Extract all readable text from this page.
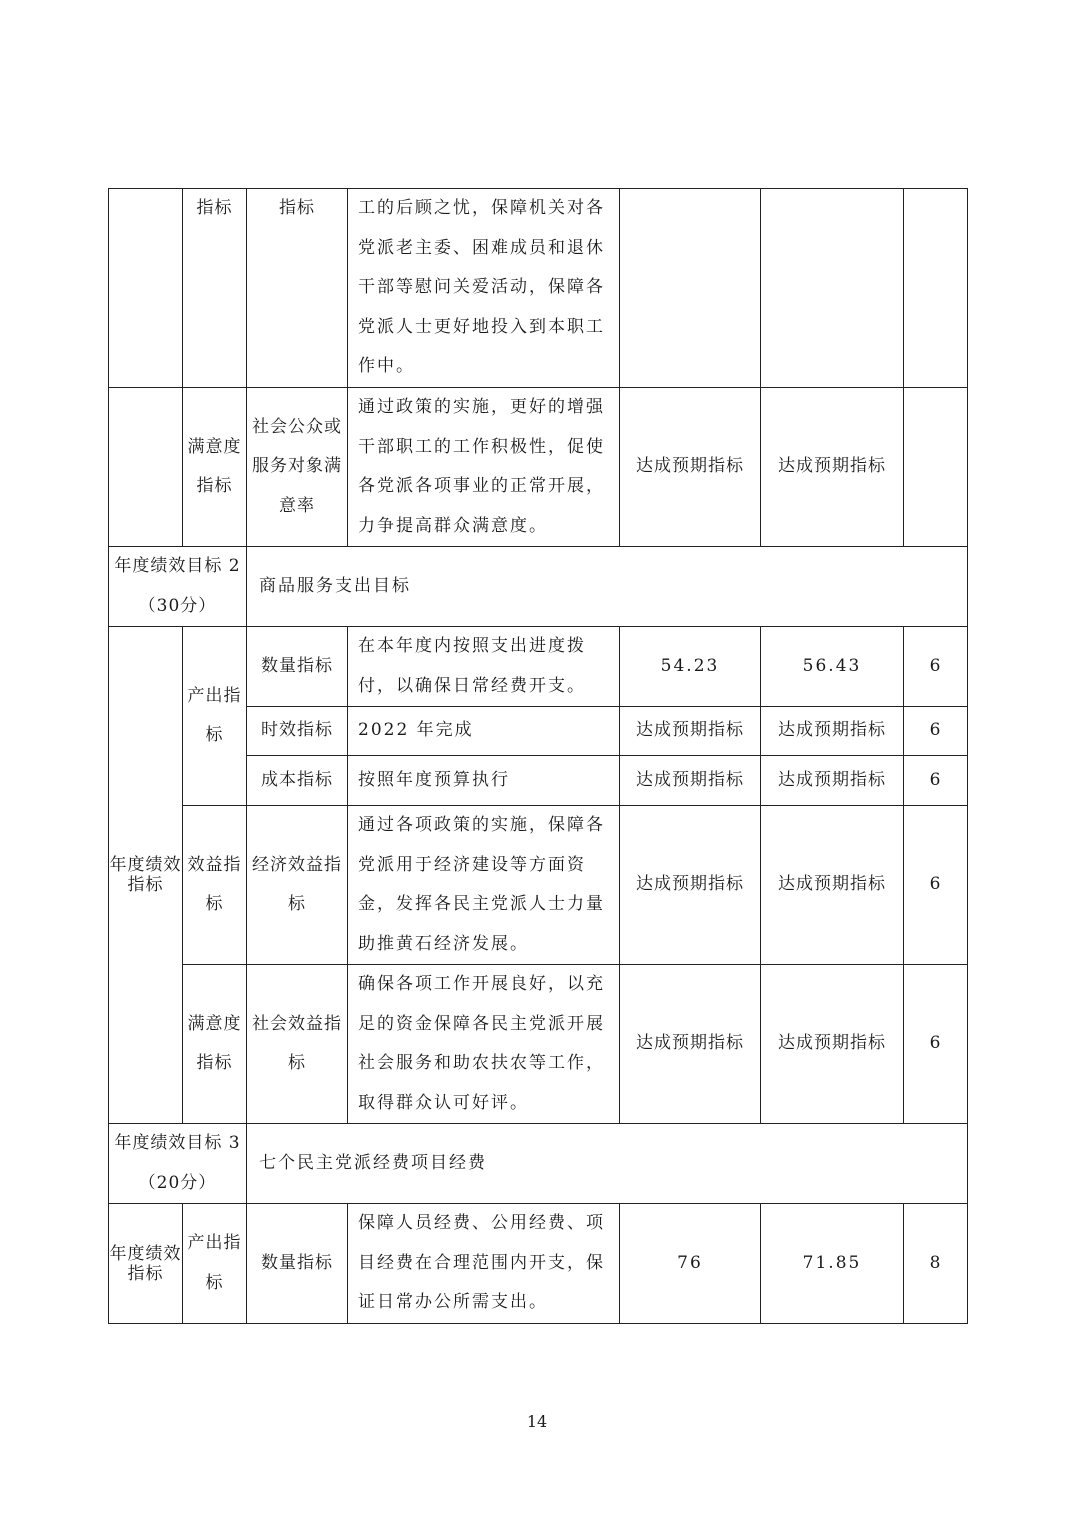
	指标	指标	工的后顾之忧，保障机关对各党派老主委、困难成员和退休干部等慰问关爱活动，保障各党派人士更好地投入到本职工作中。			
	满意度指标	社会公众或服务对象满意率	通过政策的实施，更好的增强干部职工的工作积极性，促使各党派各项事业的正常开展，力争提高群众满意度。	达成预期指标	达成预期指标	
年度绩效目标 2（30分）		商品服务支出目标				
年度绩效指标	产出指标	数量指标	在本年度内按照支出进度拨付，以确保日常经费开支。	54.23	56.43	6
		时效指标	2022 年完成	达成预期指标	达成预期指标	6
		成本指标	按照年度预算执行	达成预期指标	达成预期指标	6
	效益指标	经济效益指标	通过各项政策的实施，保障各党派用于经济建设等方面资金，发挥各民主党派人士力量助推黄石经济发展。	达成预期指标	达成预期指标	6
	满意度指标	社会效益指标	确保各项工作开展良好，以充足的资金保障各民主党派开展社会服务和助农扶农等工作，取得群众认可好评。	达成预期指标	达成预期指标	6
年度绩效目标 3（20分）		七个民主党派经费项目经费				
年度绩效指标	产出指标	数量指标	保障人员经费、公用经费、项目经费在合理范围内开支，保证日常办公所需支出。	76	71.85	8
14
